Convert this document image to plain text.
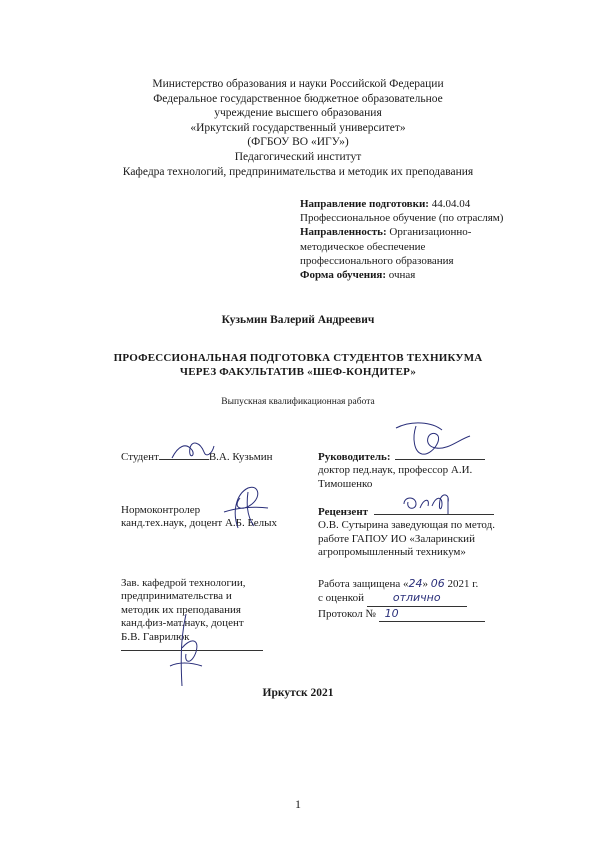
Министерство образования и науки Российской Федерации
Федеральное государственное бюджетное образовательное
учреждение высшего образования
«Иркутский государственный университет»
(ФГБОУ ВО «ИГУ»)
Педагогический институт
Кафедра технологий, предпринимательства и методик их преподавания
Направление подготовки: 44.04.04
Профессиональное обучение (по отраслям)
Направленность: Организационно-
методическое обеспечение
профессионального образования
Форма обучения: очная
Кузьмин Валерий Андреевич
ПРОФЕССИОНАЛЬНАЯ ПОДГОТОВКА СТУДЕНТОВ ТЕХНИКУМА
ЧЕРЕЗ ФАКУЛЬТАТИВ «ШЕФ-КОНДИТЕР»
Выпускная квалификационная работа
Студент	В.А. Кузьмин	Руководитель:
доктор пед.наук, профессор А.И.
Тимошенко
Нормоконтролер
канд.тех.наук, доцент А.Б. Белых
Рецензент
О.В. Сутырина заведующая по метод.
работе ГАПОУ ИО «Заларинский
агропромышленный техникум»
Зав. кафедрой технологии,
предпринимательства и
методик их преподавания
канд.физ-мат.наук, доцент
Б.В. Гаврилюк
Работа защищена «24» 06 2021 г.
с оценкой	отлично
Протокол № 10
Иркутск 2021
1
